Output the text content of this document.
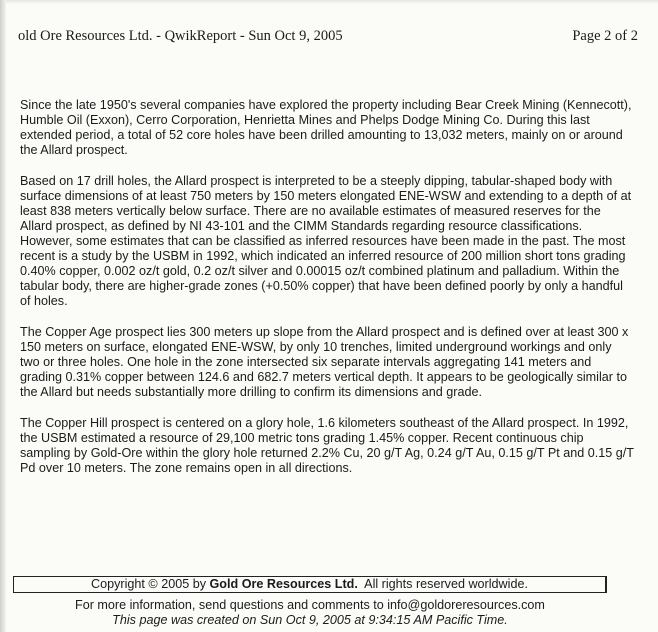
old Ore Resources Ltd. - QwikReport - Sun Oct 9, 2005	Page 2 of 2

Since the late 1950's several companies have explored the property including Bear Creek Mining (Kennecott), Humble Oil (Exxon), Cerro Corporation, Henrietta Mines and Phelps Dodge Mining Co. During this last extended period, a total of 52 core holes have been drilled amounting to 13,032 meters, mainly on or around the Allard prospect.

Based on 17 drill holes, the Allard prospect is interpreted to be a steeply dipping, tabular-shaped body with surface dimensions of at least 750 meters by 150 meters elongated ENE-WSW and extending to a depth of at least 838 meters vertically below surface. There are no available estimates of measured reserves for the Allard prospect, as defined by NI 43-101 and the CIMM Standards regarding resource classifications. However, some estimates that can be classified as inferred resources have been made in the past. The most recent is a study by the USBM in 1992, which indicated an inferred resource of 200 million short tons grading 0.40% copper, 0.002 oz/t gold, 0.2 oz/t silver and 0.00015 oz/t combined platinum and palladium. Within the tabular body, there are higher-grade zones (+0.50% copper) that have been defined poorly by only a handful of holes.

The Copper Age prospect lies 300 meters up slope from the Allard prospect and is defined over at least 300 x 150 meters on surface, elongated ENE-WSW, by only 10 trenches, limited underground workings and only two or three holes. One hole in the zone intersected six separate intervals aggregating 141 meters and grading 0.31% copper between 124.6 and 682.7 meters vertical depth. It appears to be geologically similar to the Allard but needs substantially more drilling to confirm its dimensions and grade.

The Copper Hill prospect is centered on a glory hole, 1.6 kilometers southeast of the Allard prospect. In 1992, the USBM estimated a resource of 29,100 metric tons grading 1.45% copper. Recent continuous chip sampling by Gold-Ore within the glory hole returned 2.2% Cu, 20 g/T Ag, 0.24 g/T Au, 0.15 g/T Pt and 0.15 g/T Pd over 10 meters. The zone remains open in all directions.

Copyright © 2005 by Gold Ore Resources Ltd.  All rights reserved worldwide.
For more information, send questions and comments to info@goldoreresources.com
This page was created on Sun Oct 9, 2005 at 9:34:15 AM Pacific Time.
